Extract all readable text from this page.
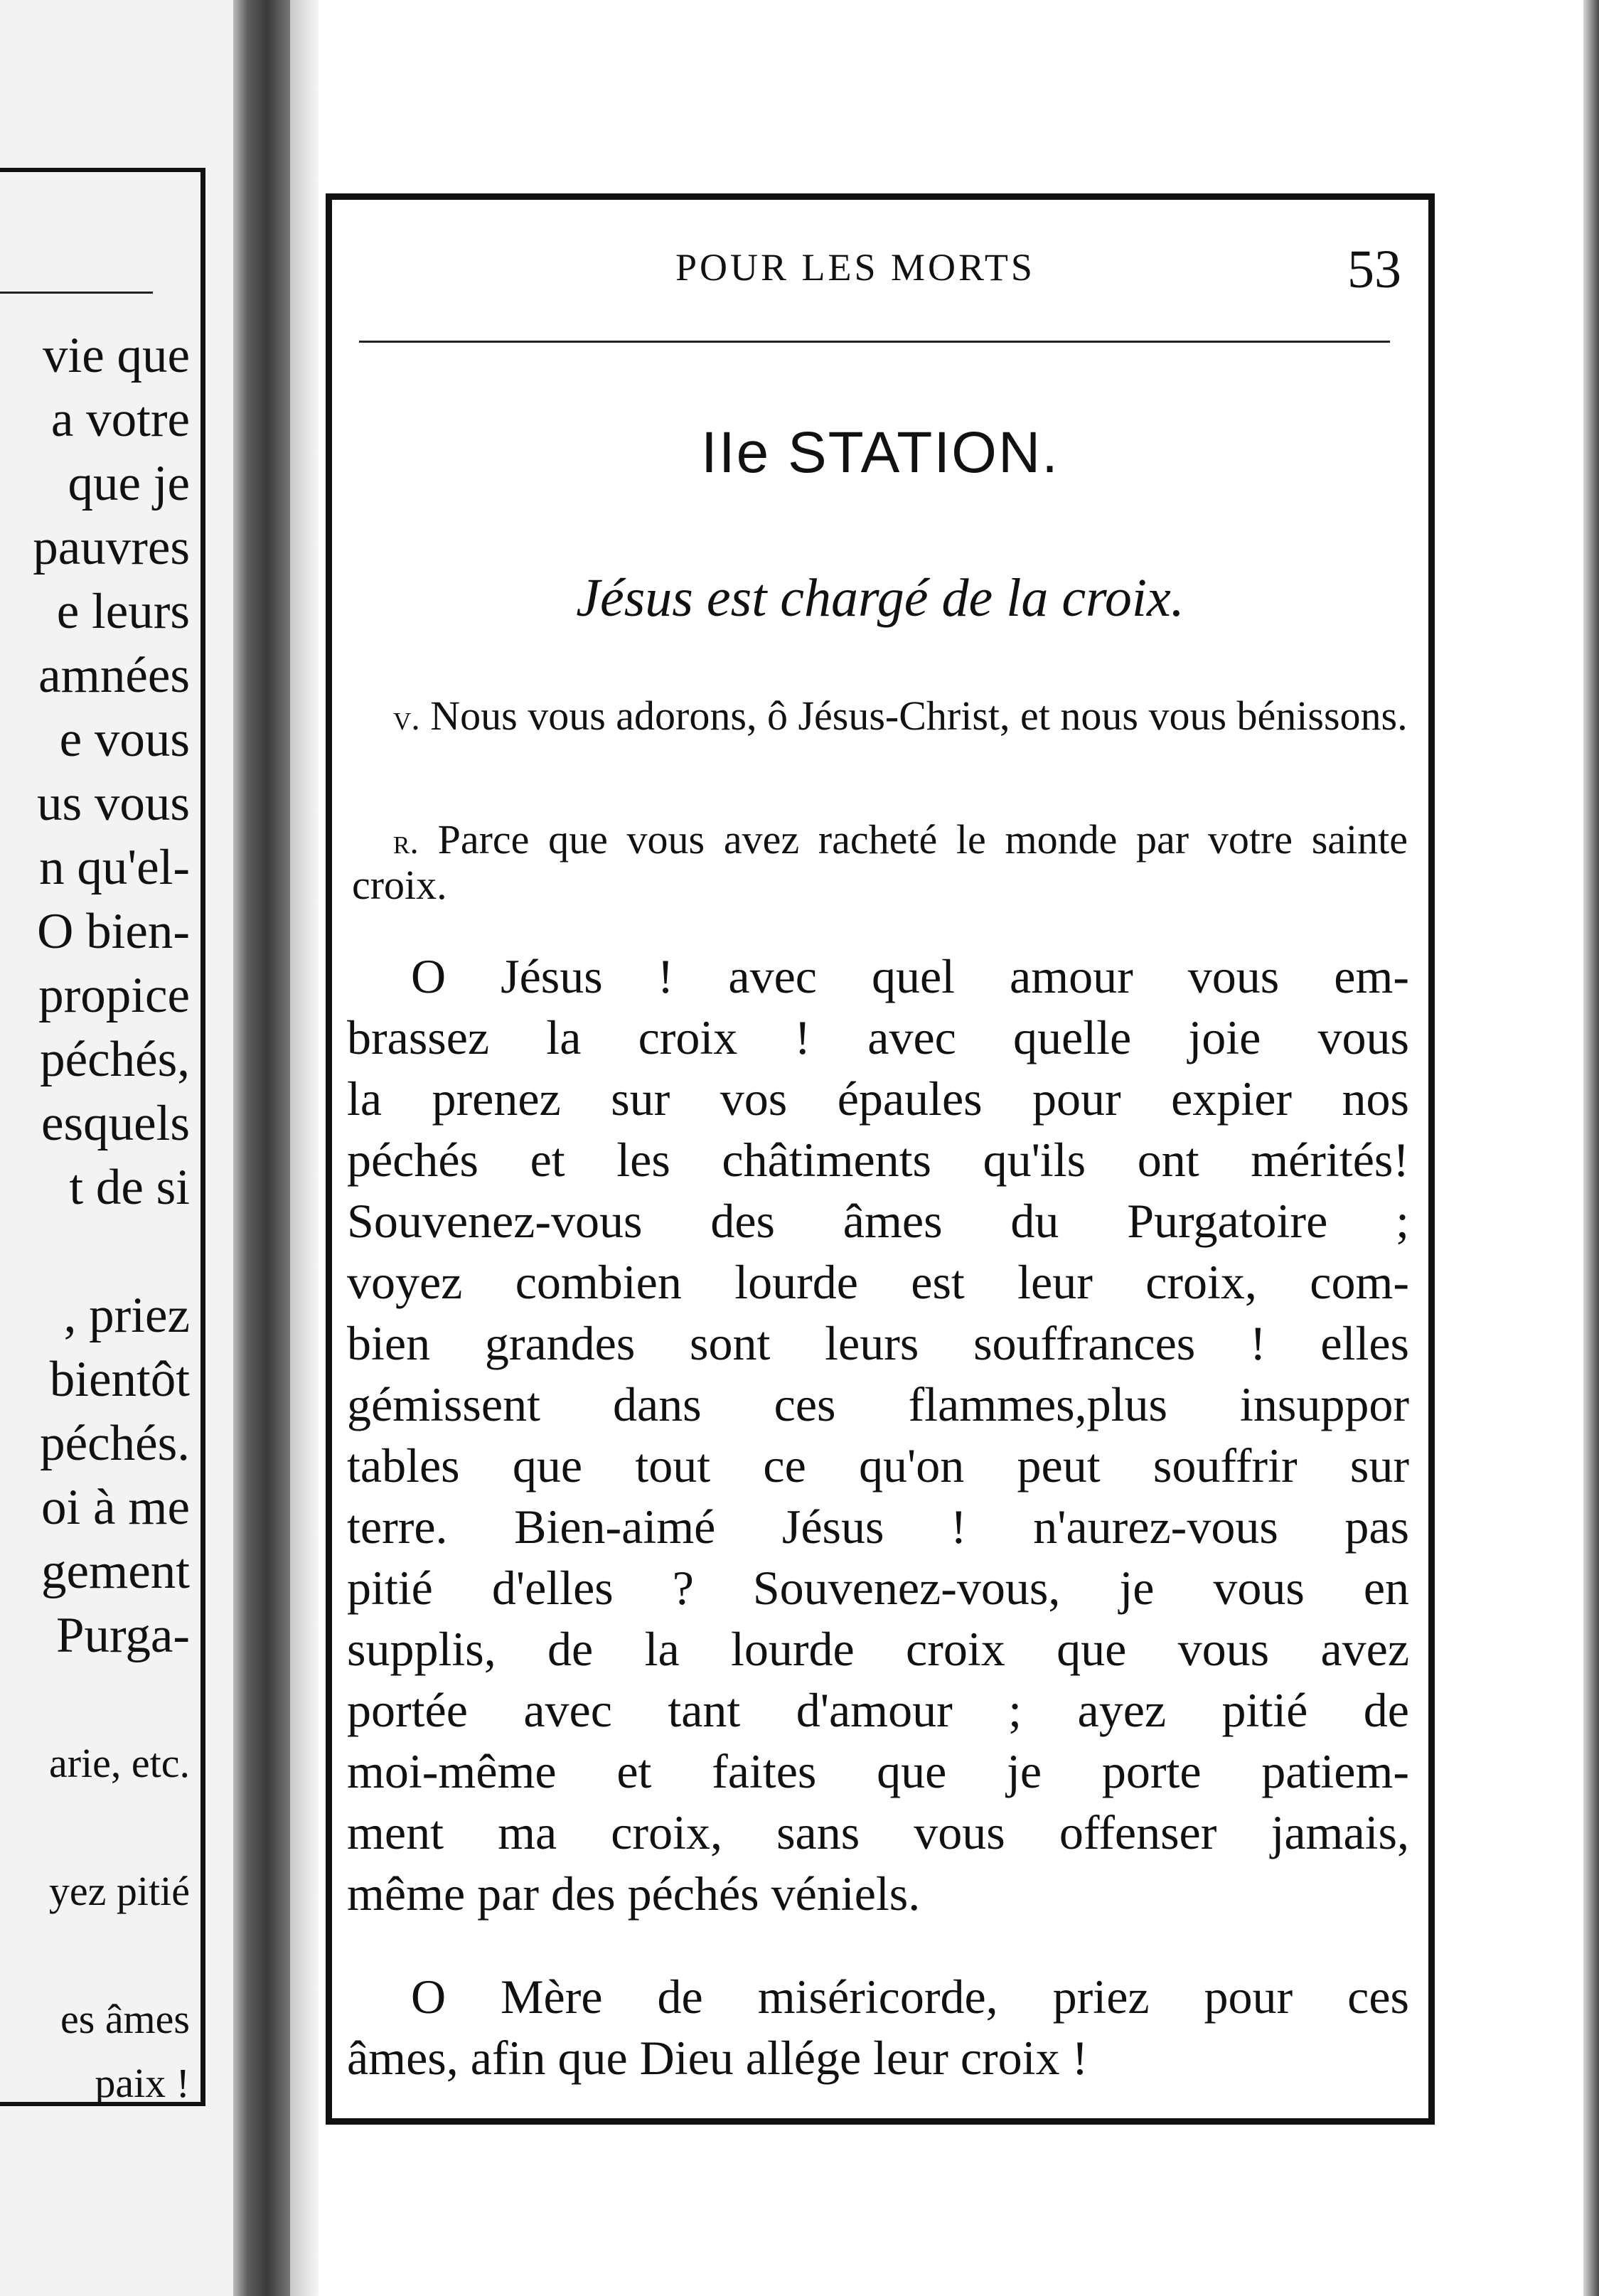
vie que
a votre
que je
pauvres
e leurs
amnées
e vous
us vous
n qu'el-
O bien-
propice
péchés,
esquels
t de si
, priez
bientôt
péchés.
oi à me
gement
Purga-
arie, etc.
yez pitié
es âmes
paix !
POUR LES MORTS	53
IIe STATION.
Jésus est chargé de la croix.
v. Nous vous adorons, ô Jésus-Christ, et nous vous bénissons.
r. Parce que vous avez racheté le monde par votre sainte croix.
O Jésus ! avec quel amour vous em-
brassez la croix ! avec quelle joie vous
la prenez sur vos épaules pour expier nos
péchés et les châtiments qu'ils ont mérités!
Souvenez-vous des âmes du Purgatoire ;
voyez combien lourde est leur croix, com-
bien grandes sont leurs souffrances ! elles
gémissent dans ces flammes,plus insuppor
tables que tout ce qu'on peut souffrir sur
terre. Bien-aimé Jésus ! n'aurez-vous pas
pitié d'elles ? Souvenez-vous, je vous en
supplis, de la lourde croix que vous avez
portée avec tant d'amour ; ayez pitié de
moi-même et faites que je porte patiem-
ment ma croix, sans vous offenser jamais,
même par des péchés véniels.
O Mère de miséricorde, priez pour ces
âmes, afin que Dieu allége leur croix !
